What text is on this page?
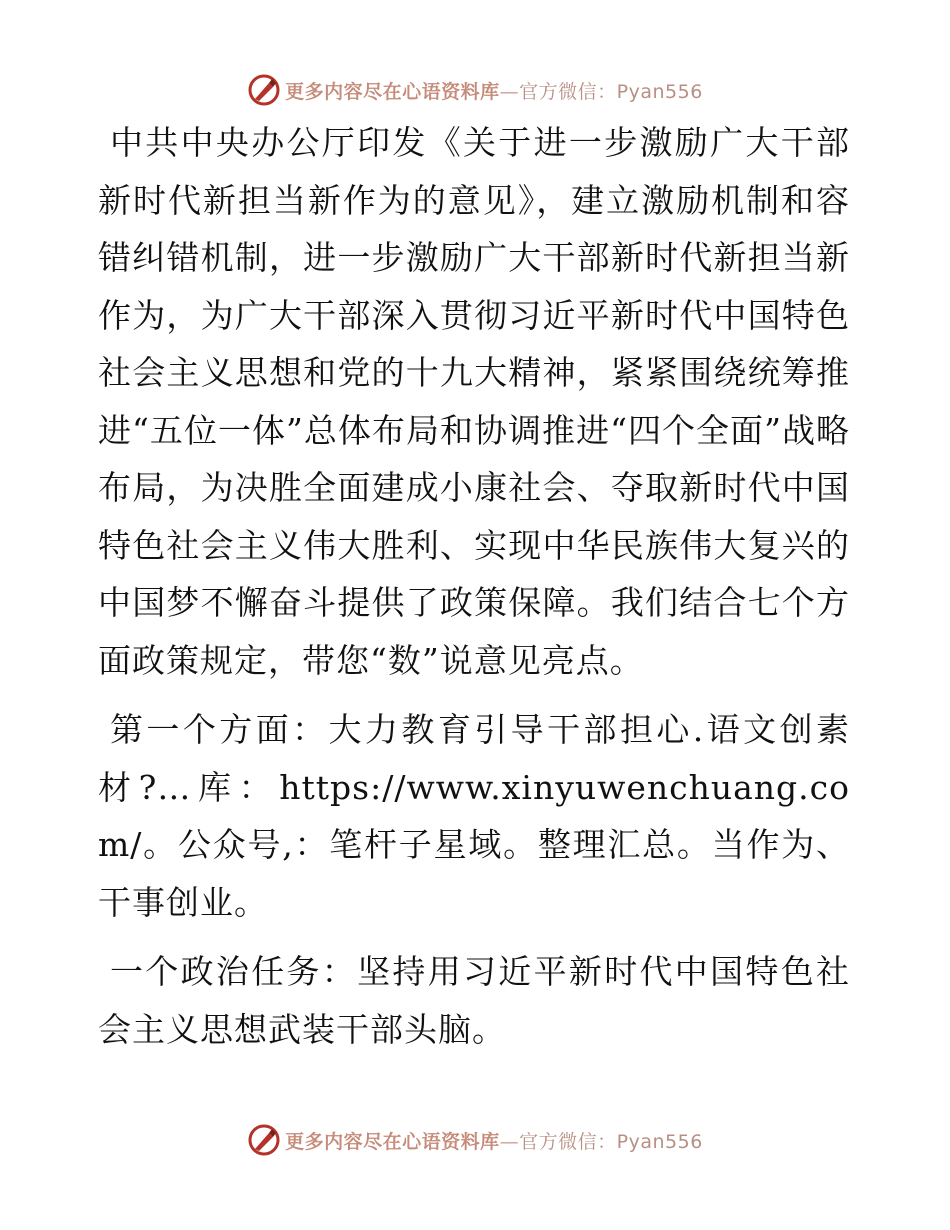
更多内容尽在心语资料库—官方微信：Pyan556

中共中央办公厅印发《关于进一步激励广大干部新时代新担当新作为的意见》，建立激励机制和容错纠错机制，进一步激励广大干部新时代新担当新作为，为广大干部深入贯彻习近平新时代中国特色社会主义思想和党的十九大精神，紧紧围绕统筹推进“五位一体”总体布局和协调推进“四个全面”战略布局，为决胜全面建成小康社会、夺取新时代中国特色社会主义伟大胜利、实现中华民族伟大复兴的中国梦不懈奋斗提供了政策保障。我们结合七个方面政策规定，带您“数”说意见亮点。

第一个方面：大力教育引导干部担心.语文创素材?…库：https://www.xinyuwenchuang.com/。公众号,：笔杆子星域。整理汇总。当作为、干事创业。

一个政治任务：坚持用习近平新时代中国特色社会主义思想武装干部头脑。

更多内容尽在心语资料库—官方微信：Pyan556
